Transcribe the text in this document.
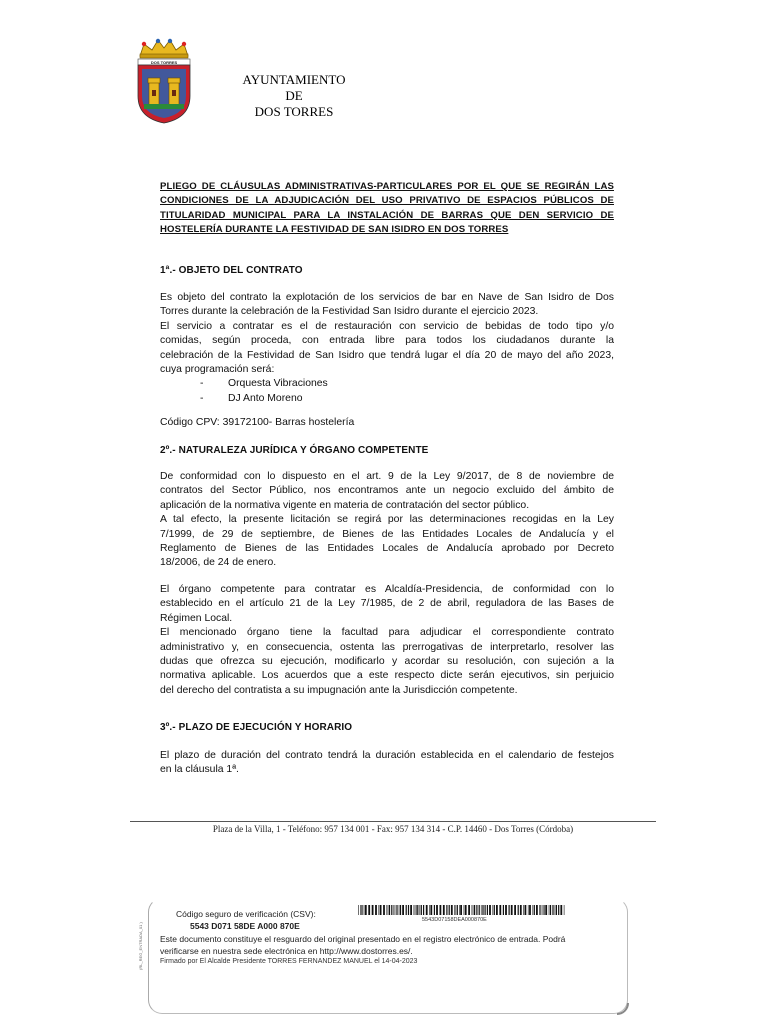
DOS TORRES
AYUNTAMIENTO
DE
DOS TORRES
PLIEGO DE CLÁUSULAS ADMINISTRATIVAS-PARTICULARES POR EL QUE SE REGIRÁN LAS
CONDICIONES DE LA ADJUDICACIÓN DEL USO PRIVATIVO DE ESPACIOS PÚBLICOS DE
TITULARIDAD MUNICIPAL PARA LA INSTALACIÓN DE BARRAS QUE DEN SERVICIO DE
HOSTELERÍA DURANTE LA FESTIVIDAD DE SAN ISIDRO EN DOS TORRES
1ª.- OBJETO DEL CONTRATO
Es objeto del contrato la explotación de los servicios de bar en Nave de San Isidro de Dos
Torres durante la celebración de la Festividad San Isidro durante el ejercicio 2023.
El servicio a contratar es el de restauración con servicio de bebidas de todo tipo y/o
comidas, según proceda, con entrada libre para todos los ciudadanos durante la
celebración de la Festividad de San Isidro que tendrá lugar el día 20 de mayo del año 2023,
cuya programación será:
- Orquesta Vibraciones
- DJ Anto Moreno
Código CPV: 39172100- Barras hostelería
2º.- NATURALEZA JURÍDICA Y ÓRGANO COMPETENTE
De conformidad con lo dispuesto en el art. 9 de la Ley 9/2017, de 8 de noviembre de
contratos del Sector Público, nos encontramos ante un negocio excluido del ámbito de
aplicación de la normativa vigente en materia de contratación del sector público.
A tal efecto, la presente licitación se regirá por las determinaciones recogidas en la Ley
7/1999, de 29 de septiembre, de Bienes de las Entidades Locales de Andalucía y el
Reglamento de Bienes de las Entidades Locales de Andalucía aprobado por Decreto
18/2006, de 24 de enero.
El órgano competente para contratar es Alcaldía-Presidencia, de conformidad con lo
establecido en el artículo 21 de la Ley 7/1985, de 2 de abril, reguladora de las Bases de
Régimen Local.
El mencionado órgano tiene la facultad para adjudicar el correspondiente contrato
administrativo y, en consecuencia, ostenta las prerrogativas de interpretarlo, resolver las
dudas que ofrezca su ejecución, modificarlo y acordar su resolución, con sujeción a la
normativa aplicable. Los acuerdos que a este respecto dicte serán ejecutivos, sin perjuicio
del derecho del contratista a su impugnación ante la Jurisdicción competente.
3º.- PLAZO DE EJECUCIÓN Y HORARIO
El plazo de duración del contrato tendrá la duración establecida en el calendario de festejos
en la cláusula 1ª.
Plaza de la Villa, 1 - Teléfono: 957 134 001 - Fax: 957 134 314 - C.P. 14460 - Dos Torres (Córdoba)
(RL_REG_ENTRADA_01 )
Código seguro de verificación (CSV):
5543 D071 58DE A000 870E
5543D07158DEA000870E
Este documento constituye el resguardo del original presentado en el registro electrónico de entrada. Podrá
verificarse en nuestra sede electrónica en http://www.dostorres.es/.
Firmado por El Alcalde Presidente TORRES FERNANDEZ MANUEL el 14-04-2023
